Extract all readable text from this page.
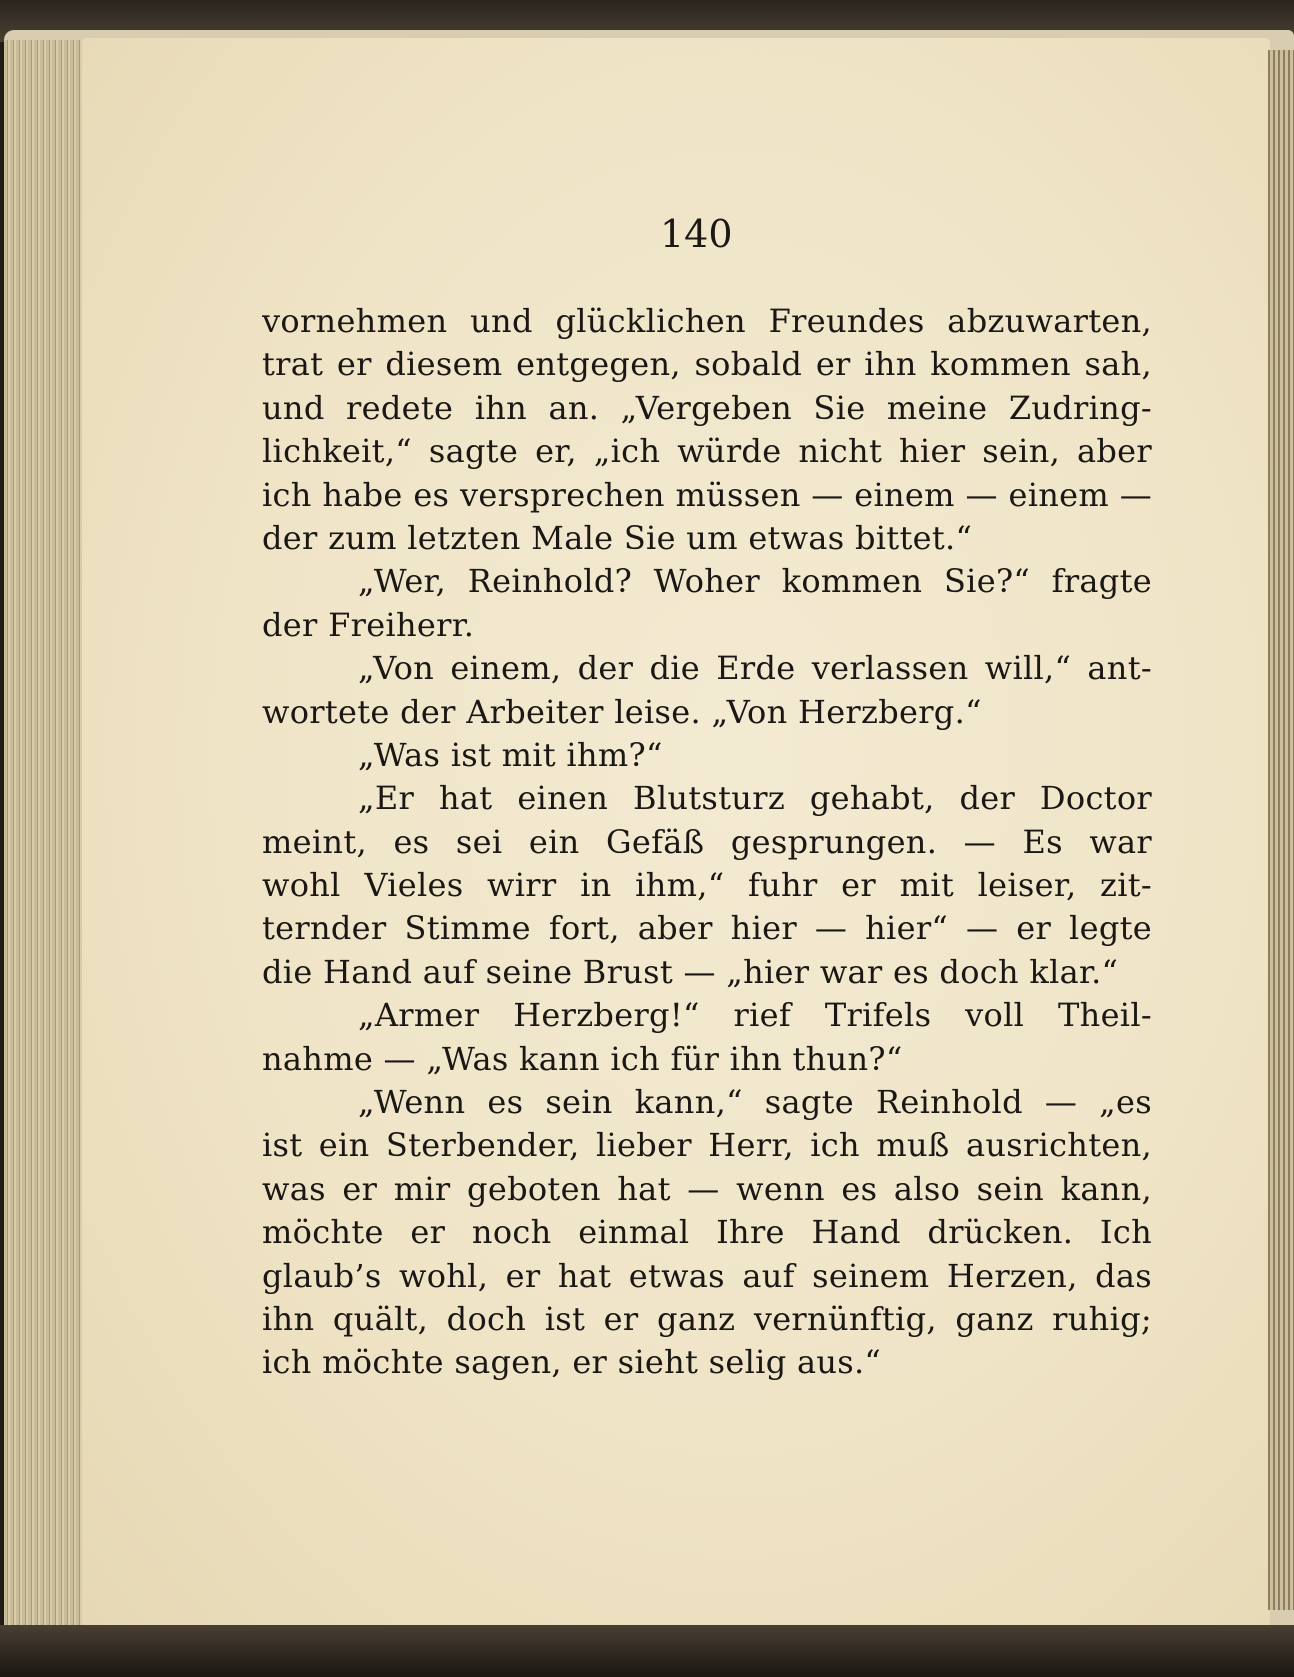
140
vornehmen und glücklichen Freundes abzuwarten,
trat er diesem entgegen, sobald er ihn kommen sah,
und redete ihn an. „Vergeben Sie meine Zudring-
lichkeit,“ sagte er, „ich würde nicht hier sein, aber
ich habe es versprechen müssen — einem — einem —
der zum letzten Male Sie um etwas bittet.“
„Wer, Reinhold? Woher kommen Sie?“ fragte
der Freiherr.
„Von einem, der die Erde verlassen will,“ ant-
wortete der Arbeiter leise. „Von Herzberg.“
„Was ist mit ihm?“
„Er hat einen Blutsturz gehabt, der Doctor
meint, es sei ein Gefäß gesprungen. — Es war
wohl Vieles wirr in ihm,“ fuhr er mit leiser, zit-
ternder Stimme fort, aber hier — hier“ — er legte
die Hand auf seine Brust — „hier war es doch klar.“
„Armer Herzberg!“ rief Trifels voll Theil-
nahme — „Was kann ich für ihn thun?“
„Wenn es sein kann,“ sagte Reinhold — „es
ist ein Sterbender, lieber Herr, ich muß ausrichten,
was er mir geboten hat — wenn es also sein kann,
möchte er noch einmal Ihre Hand drücken. Ich
glaub’s wohl, er hat etwas auf seinem Herzen, das
ihn quält, doch ist er ganz vernünftig, ganz ruhig;
ich möchte sagen, er sieht selig aus.“
